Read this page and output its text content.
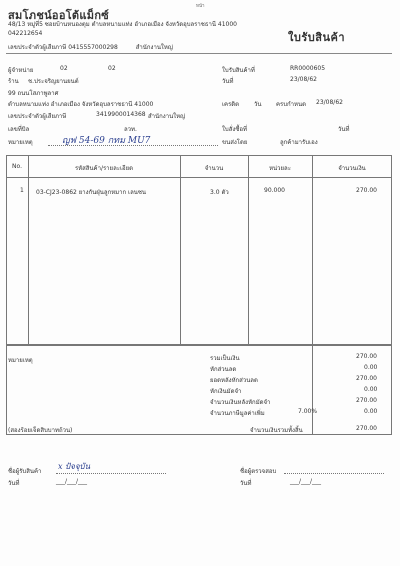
หน้า
สมโภชน์ออโต้แม็กซ์
48/13 หมู่ที่5 ซอยบ้านหนองตุม ตำบลหนามแท่ง อำเภอเมือง จังหวัดอุบลราชธานี 41000
042212654	ใบรับสินค้า
เลขประจำตัวผู้เสียภาษี 0415557000298	สำนักงานใหญ่
ผู้จำหน่าย	02	02
ร้าน ช.ประจริญยานยนต์
99 ถนนโสภาพูลาศ
ตำบลหนามแท่ง อำเภอเมือง จังหวัดอุบลราชธานี 41000
เลขประจำตัวผู้เสียภาษี	3419900014368 สำนักงานใหญ่
เลขที่บิล	ลวท.
หมายเหตุ	ญฟ 54-69 กทม MU7
ใบรับสินค้าที่	RR0000605
วันที่	23/08/62
เครดิต วัน ครบกำหนด 23/08/62
ใบสั่งซื้อที่	วันที่
ขนส่งโดย	ลูกค้ามารับเอง
No.	รหัสสินค้า/รายละเอียด	จำนวน	หน่วยละ	จำนวนเงิน
1 03-CJ23-0862 ยางกันฝุ่นลูกหมาก เลนซน	3.0 ตัว	90.000	270.00
หมายเหตุ
(สองร้อยเจ็ดสิบบาทถ้วน)
รวมเป็นเงิน	270.00
หักส่วนลด	0.00
ยอดหลังหักส่วนลด	270.00
หักเงินมัดจำ	0.00
จำนวนเงินหลังหักมัดจำ	270.00
จำนวนภาษีมูลค่าเพิ่ม	7.00%	0.00
จำนวนเงินรวมทั้งสิ้น	270.00
ชื่อผู้รับสินค้า
x ปัจจุบัน
วันที่	___/___/___
ชื่อผู้ตรวจสอบ
วันที่	___/___/___
